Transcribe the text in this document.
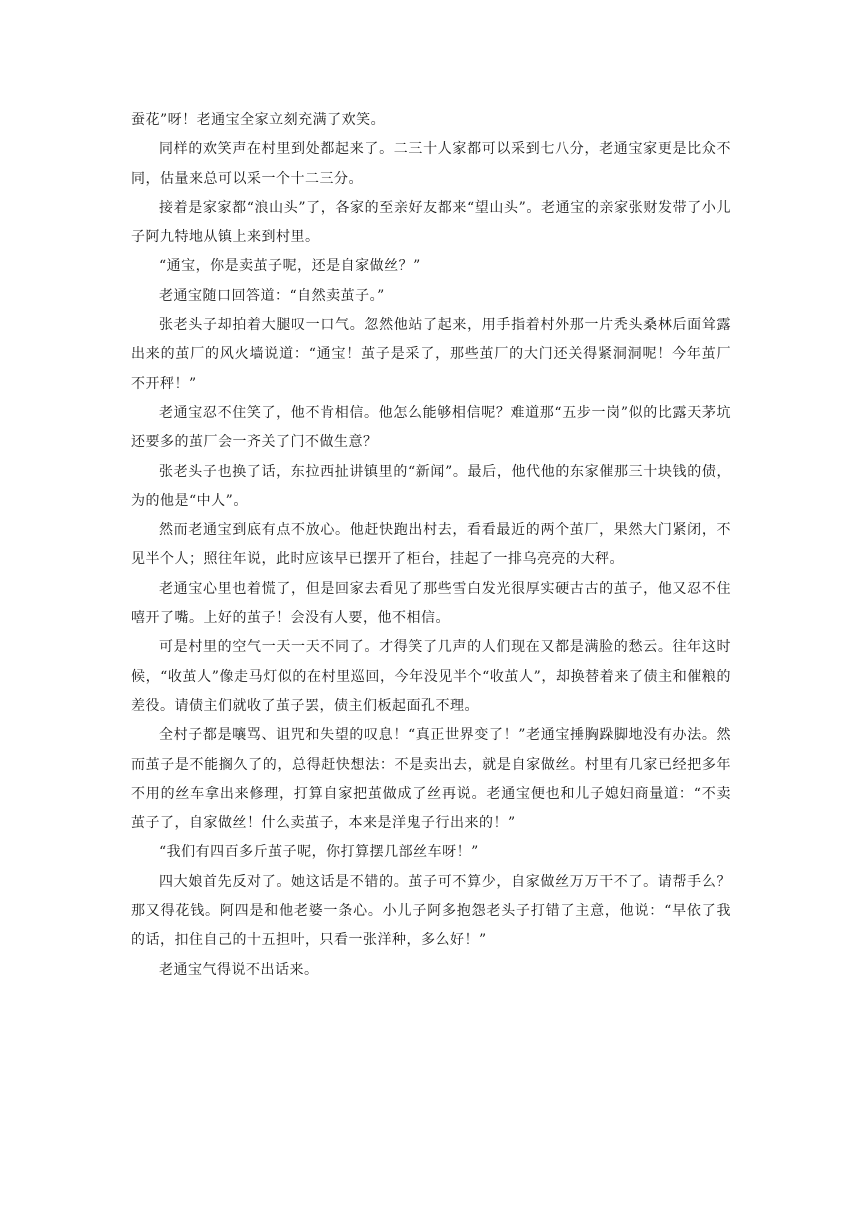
蚕花”呀！老通宝全家立刻充满了欢笑。

同样的欢笑声在村里到处都起来了。二三十人家都可以采到七八分，老通宝家更是比众不同，估量来总可以采一个十二三分。

接着是家家都“浪山头”了，各家的至亲好友都来“望山头”。老通宝的亲家张财发带了小儿子阿九特地从镇上来到村里。

“通宝，你是卖茧子呢，还是自家做丝？”

老通宝随口回答道：“自然卖茧子。”

张老头子却拍着大腿叹一口气。忽然他站了起来，用手指着村外那一片秃头桑林后面耸露出来的茧厂的风火墙说道：“通宝！茧子是采了，那些茧厂的大门还关得紧洞洞呢！今年茧厂不开秤！”

老通宝忍不住笑了，他不肯相信。他怎么能够相信呢？难道那“五步一岗”似的比露天茅坑还要多的茧厂会一齐关了门不做生意？

张老头子也换了话，东拉西扯讲镇里的“新闻”。最后，他代他的东家催那三十块钱的债，为的他是“中人”。

然而老通宝到底有点不放心。他赶快跑出村去，看看最近的两个茧厂，果然大门紧闭，不见半个人；照往年说，此时应该早已摆开了柜台，挂起了一排乌亮亮的大秤。

老通宝心里也着慌了，但是回家去看见了那些雪白发光很厚实硬古古的茧子，他又忍不住嘻开了嘴。上好的茧子！会没有人要，他不相信。

可是村里的空气一天一天不同了。才得笑了几声的人们现在又都是满脸的愁云。往年这时候，“收茧人”像走马灯似的在村里巡回，今年没见半个“收茧人”，却换替着来了债主和催粮的差役。请债主们就收了茧子罢，债主们板起面孔不理。

全村子都是嚷骂、诅咒和失望的叹息！“真正世界变了！”老通宝捶胸跺脚地没有办法。然而茧子是不能搁久了的，总得赶快想法：不是卖出去，就是自家做丝。村里有几家已经把多年不用的丝车拿出来修理，打算自家把茧做成了丝再说。老通宝便也和儿子媳妇商量道：“不卖茧子了，自家做丝！什么卖茧子，本来是洋鬼子行出来的！”

“我们有四百多斤茧子呢，你打算摆几部丝车呀！”

四大娘首先反对了。她这话是不错的。茧子可不算少，自家做丝万万干不了。请帮手么？那又得花钱。阿四是和他老婆一条心。小儿子阿多抱怨老头子打错了主意，他说：“早依了我的话，扣住自己的十五担叶，只看一张洋种，多么好！”

老通宝气得说不出话来。
